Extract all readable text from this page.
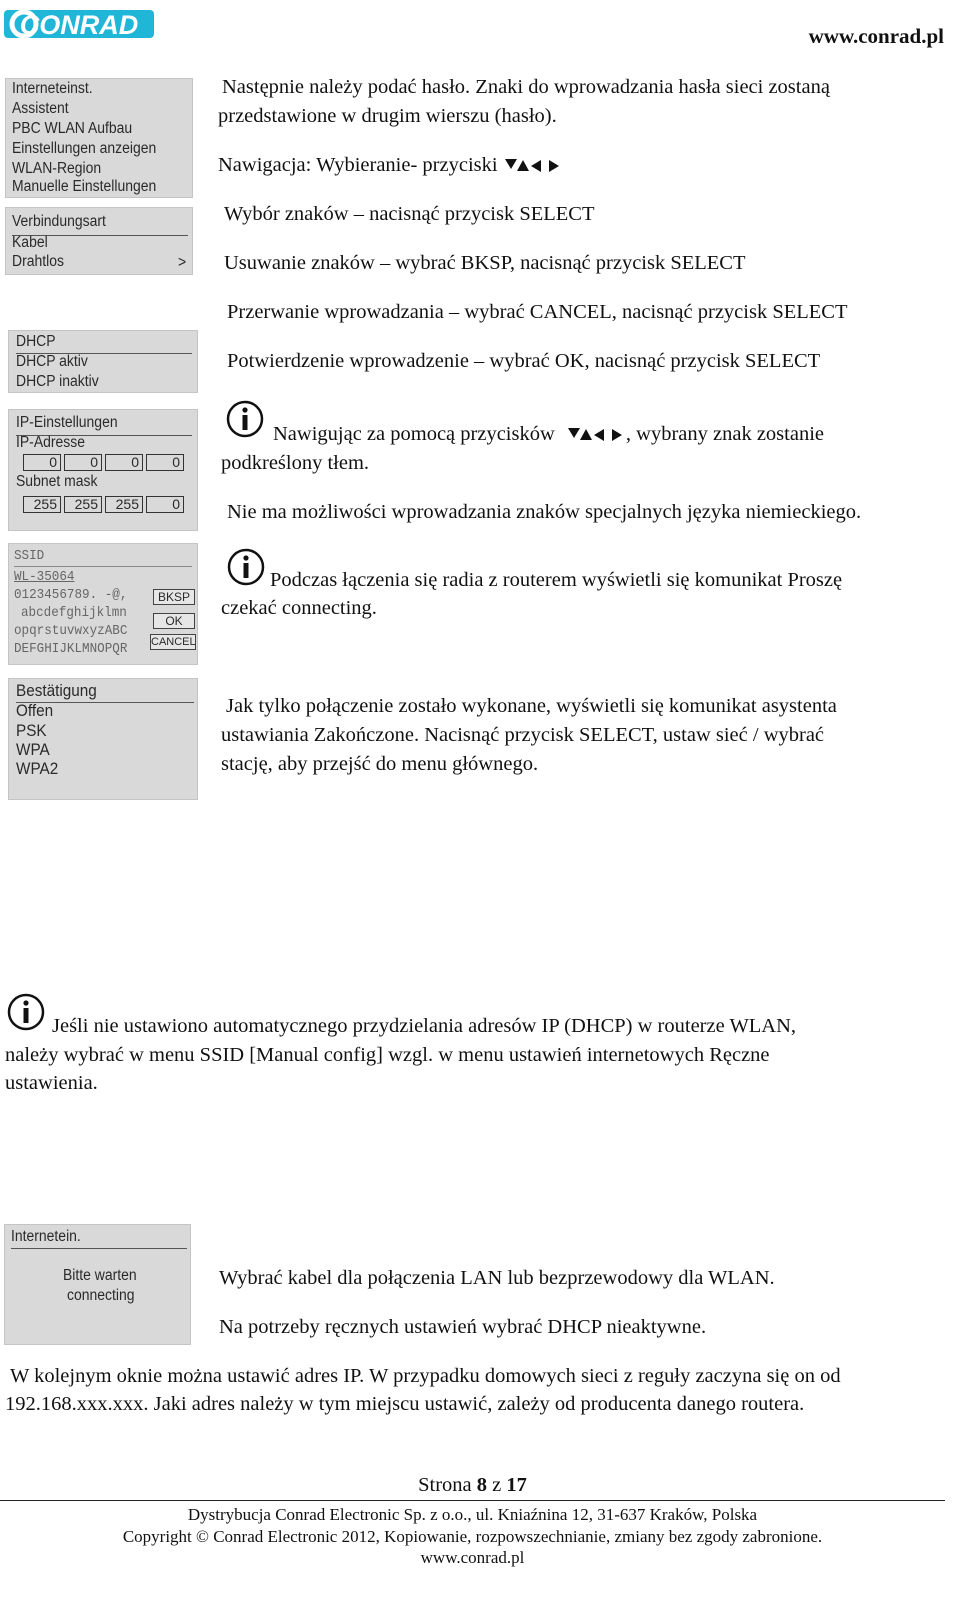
CONRAD	www.conrad.pl
Interneteinst.
Assistent
PBC WLAN Aufbau
Einstellungen anzeigen
WLAN-Region
Manuelle Einstellungen
Verbindungsart
Kabel
Drahtlos	>
DHCP
DHCP aktiv
DHCP inaktiv
IP-Einstellungen
IP-Adresse
0	0	0	0
Subnet mask
255	255	255	0
SSID
WL-35064
0123456789. -@,
abcdefghijklmn
opqrstuvwxyzABC
DEFGHIJKLMNOPQR
BKSP
OK
CANCEL
Bestätigung
Offen
PSK
WPA
WPA2
Internetein.
Bitte warten
connecting
Następnie należy podać hasło. Znaki do wprowadzania hasła sieci zostaną
przedstawione w drugim wierszu (hasło).
Nawigacja: Wybieranie- przyciski
Wybór znaków – nacisnąć przycisk SELECT
Usuwanie znaków – wybrać BKSP, nacisnąć przycisk SELECT
Przerwanie wprowadzania – wybrać CANCEL, nacisnąć przycisk SELECT
Potwierdzenie wprowadzenie – wybrać OK, nacisnąć przycisk SELECT
Nawigując za pomocą przycisków	, wybrany znak zostanie
podkreślony tłem.
Nie ma możliwości wprowadzania znaków specjalnych języka niemieckiego.
Podczas łączenia się radia z routerem wyświetli się komunikat Proszę
czekać connecting.
Jak tylko połączenie zostało wykonane, wyświetli się komunikat asystenta
ustawiania Zakończone. Nacisnąć przycisk SELECT, ustaw sieć / wybrać
stację, aby przejść do menu głównego.
Jeśli nie ustawiono automatycznego przydzielania adresów IP (DHCP) w routerze WLAN,
należy wybrać w menu SSID [Manual config] wzgl. w menu ustawień internetowych Ręczne
ustawienia.
Wybrać kabel dla połączenia LAN lub bezprzewodowy dla WLAN.
Na potrzeby ręcznych ustawień wybrać DHCP nieaktywne.
W kolejnym oknie można ustawić adres IP. W przypadku domowych sieci z reguły zaczyna się on od
192.168.xxx.xxx. Jaki adres należy w tym miejscu ustawić, zależy od producenta danego routera.
Strona 8 z 17
Dystrybucja Conrad Electronic Sp. z o.o., ul. Kniaźnina 12, 31-637 Kraków, Polska
Copyright © Conrad Electronic 2012, Kopiowanie, rozpowszechnianie, zmiany bez zgody zabronione.
www.conrad.pl
